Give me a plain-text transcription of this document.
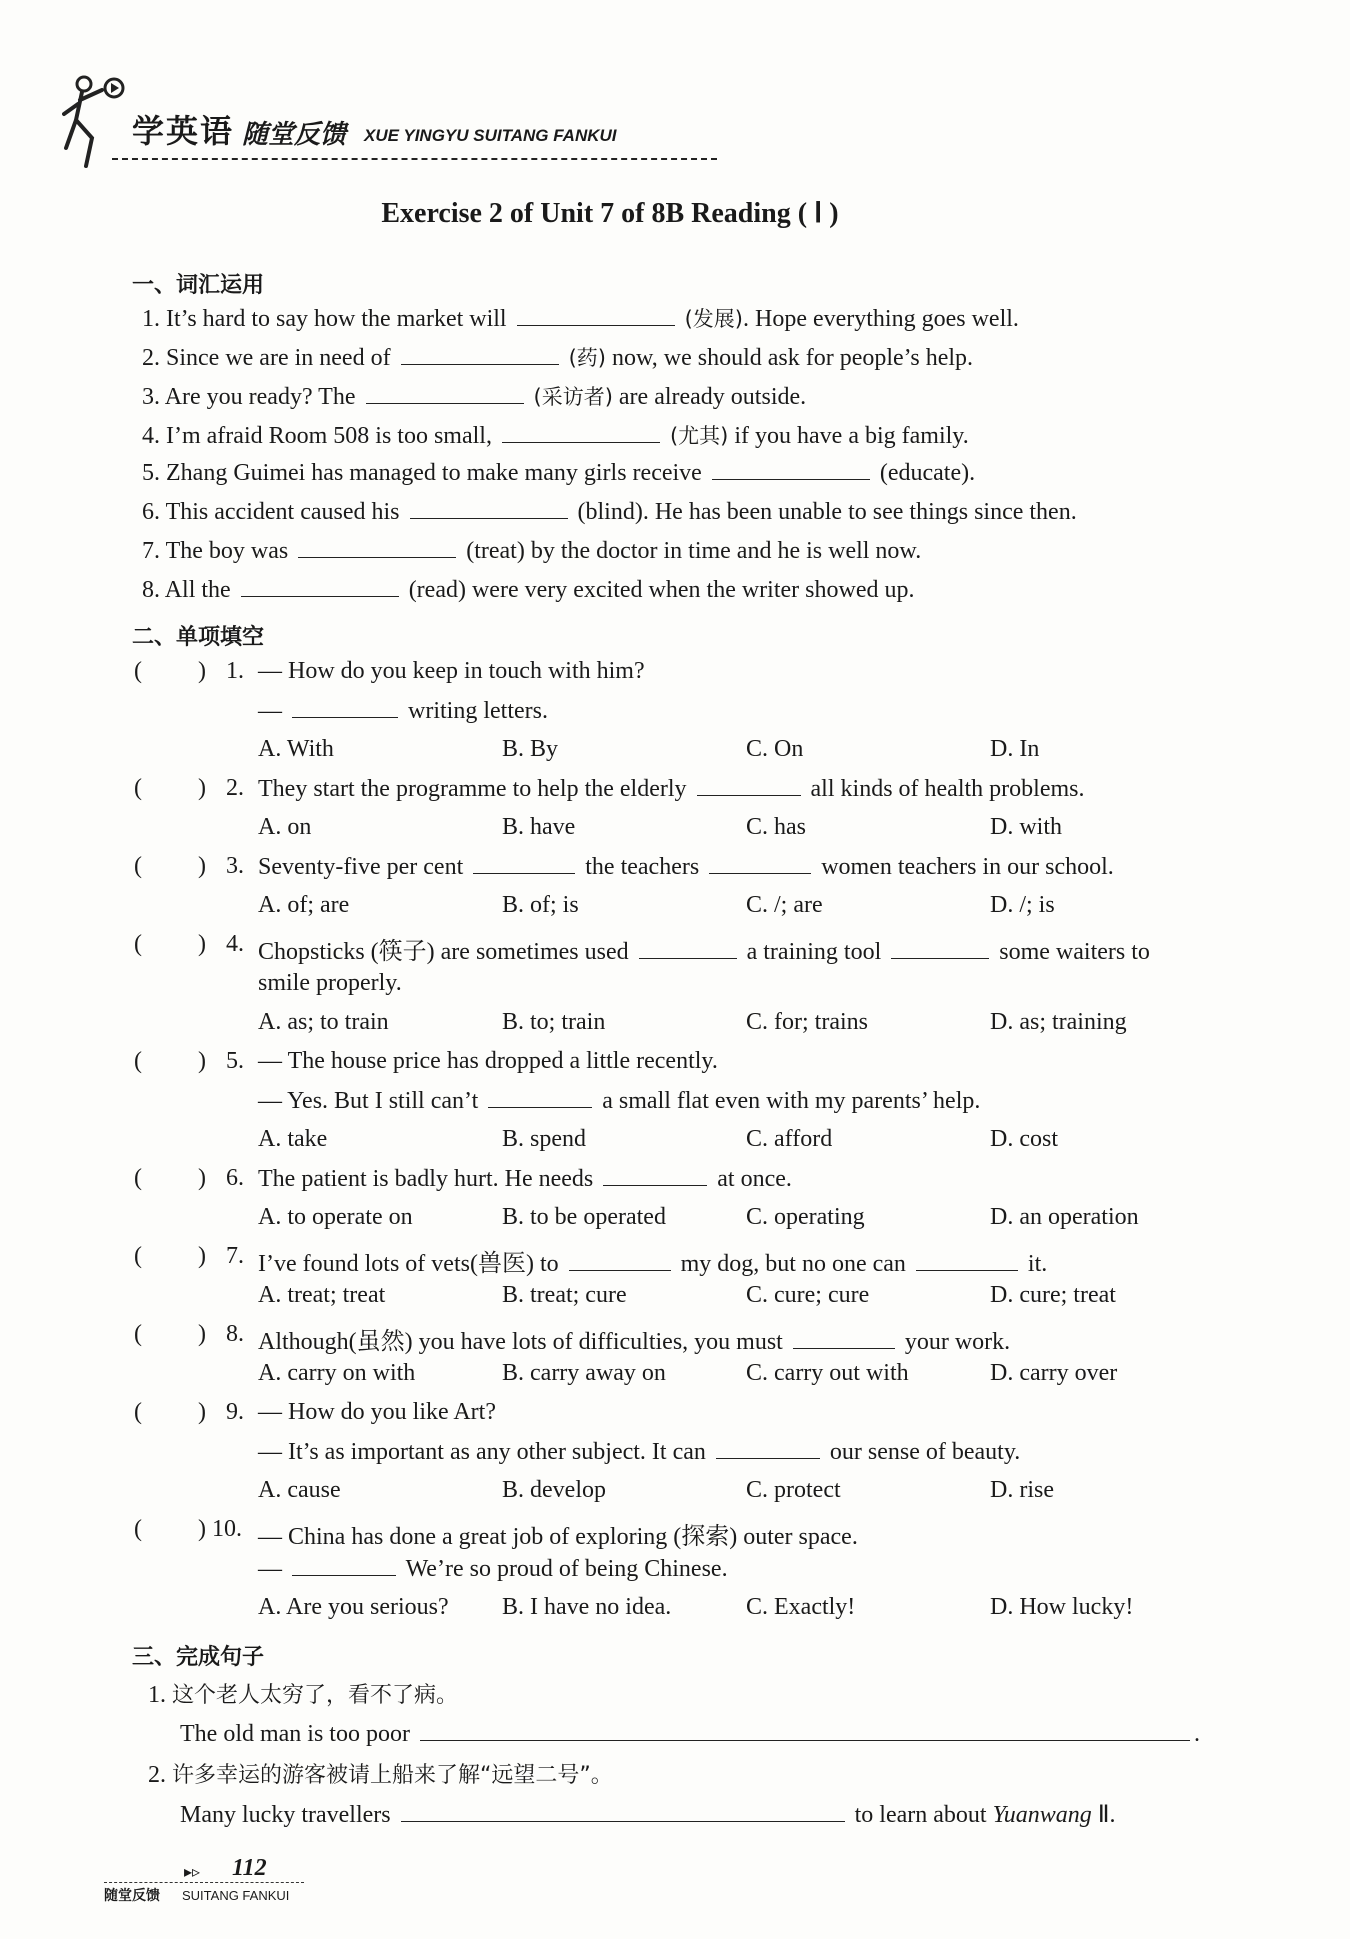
学英语 随堂反馈 XUE YINGYU SUITANG FANKUI
Exercise 2 of Unit 7 of 8B Reading ( Ⅰ )
一、词汇运用
1. It’s hard to say how the market will	(发展). Hope everything goes well.
2. Since we are in need of	(药) now, we should ask for people’s help.
3. Are you ready? The	(采访者) are already outside.
4. I’m afraid Room 508 is too small,	(尤其) if you have a big family.
5. Zhang Guimei has managed to make many girls receive	(educate).
6. This accident caused his	(blind). He has been unable to see things since then.
7. The boy was	(treat) by the doctor in time and he is well now.
8. All the	(read) were very excited when the writer showed up.
二、单项填空
( ) 1. — How do you keep in touch with him?
—	writing letters.
A. With	B. By	C. On	D. In
( ) 2. They start the programme to help the elderly	all kinds of health problems.
A. on	B. have	C. has	D. with
( ) 3. Seventy-five per cent	the teachers	women teachers in our school.
A. of; are	B. of; is	C. /; are	D. /; is
( ) 4. Chopsticks (筷子) are sometimes used	a training tool	some waiters to
smile properly.
A. as; to train	B. to; train	C. for; trains	D. as; training
( ) 5. — The house price has dropped a little recently.
— Yes. But I still can’t	a small flat even with my parents’ help.
A. take	B. spend	C. afford	D. cost
( ) 6. The patient is badly hurt. He needs	at once.
A. to operate on	B. to be operated	C. operating	D. an operation
( ) 7. I’ve found lots of vets(兽医) to	my dog, but no one can	it.
A. treat; treat	B. treat; cure	C. cure; cure	D. cure; treat
( ) 8. Although(虽然) you have lots of difficulties, you must	your work.
A. carry on with	B. carry away on	C. carry out with	D. carry over
( ) 9. — How do you like Art?
— It’s as important as any other subject. It can	our sense of beauty.
A. cause	B. develop	C. protect	D. rise
( ) 10. — China has done a great job of exploring (探索) outer space.
—	We’re so proud of being Chinese.
A. Are you serious? B. I have no idea.	C. Exactly!	D. How lucky!
三、完成句子
1. 这个老人太穷了，看不了病。
The old man is too poor	.
2. 许多幸运的游客被请上船来了解“远望二号”。
Many lucky travellers	to learn about Yuanwang Ⅱ.
▸▹ 112
随堂反馈 SUITANG FANKUI
